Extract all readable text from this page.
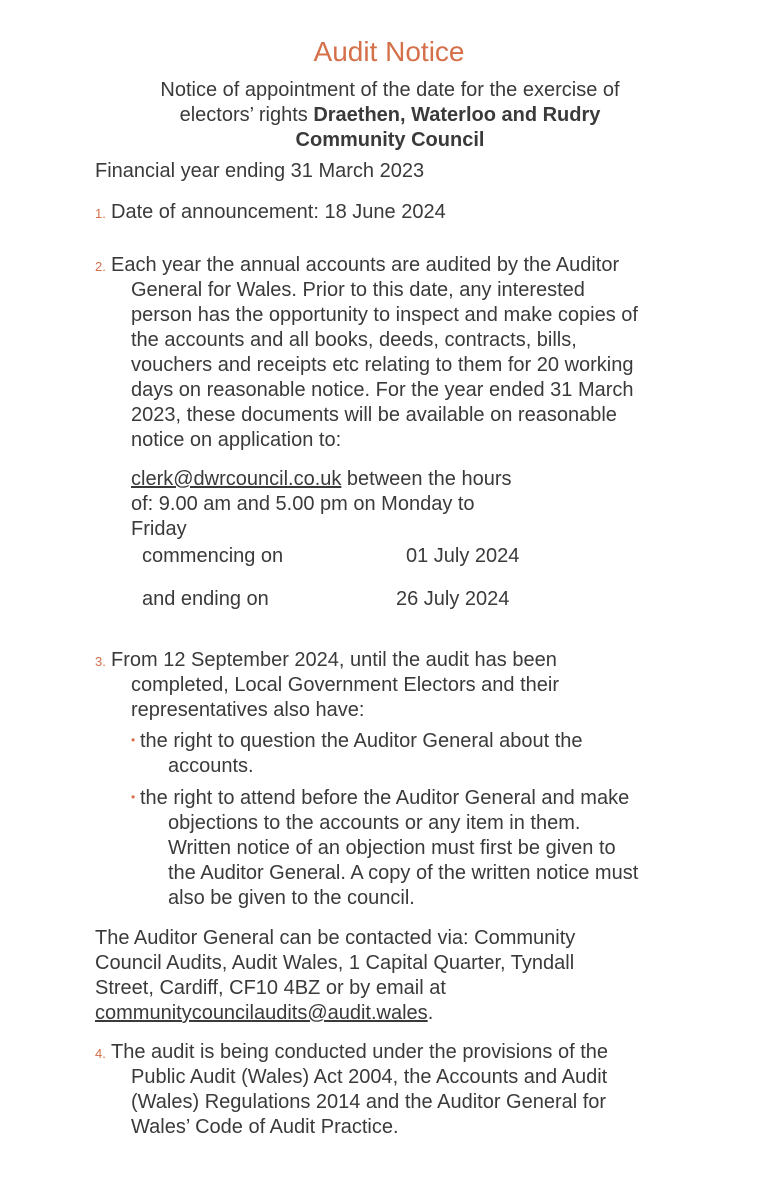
Audit Notice
Notice of appointment of the date for the exercise of
electors’ rights Draethen, Waterloo and Rudry
Community Council
Financial year ending 31 March 2023
1. Date of announcement: 18 June 2024
2. Each year the annual accounts are audited by the Auditor
General for Wales. Prior to this date, any interested
person has the opportunity to inspect and make copies of
the accounts and all books, deeds, contracts, bills,
vouchers and receipts etc relating to them for 20 working
days on reasonable notice. For the year ended 31 March
2023, these documents will be available on reasonable
notice on application to:
clerk@dwrcouncil.co.uk between the hours
of: 9.00 am and 5.00 pm on Monday to
Friday
commencing on	01 July 2024
and ending on	26 July 2024
3. From 12 September 2024, until the audit has been
completed, Local Government Electors and their
representatives also have:
• the right to question the Auditor General about the
accounts.
• the right to attend before the Auditor General and make
objections to the accounts or any item in them.
Written notice of an objection must first be given to
the Auditor General. A copy of the written notice must
also be given to the council.
The Auditor General can be contacted via: Community
Council Audits, Audit Wales, 1 Capital Quarter, Tyndall
Street, Cardiff, CF10 4BZ or by email at
communitycouncilaudits@audit.wales.
4. The audit is being conducted under the provisions of the
Public Audit (Wales) Act 2004, the Accounts and Audit
(Wales) Regulations 2014 and the Auditor General for
Wales’ Code of Audit Practice.
